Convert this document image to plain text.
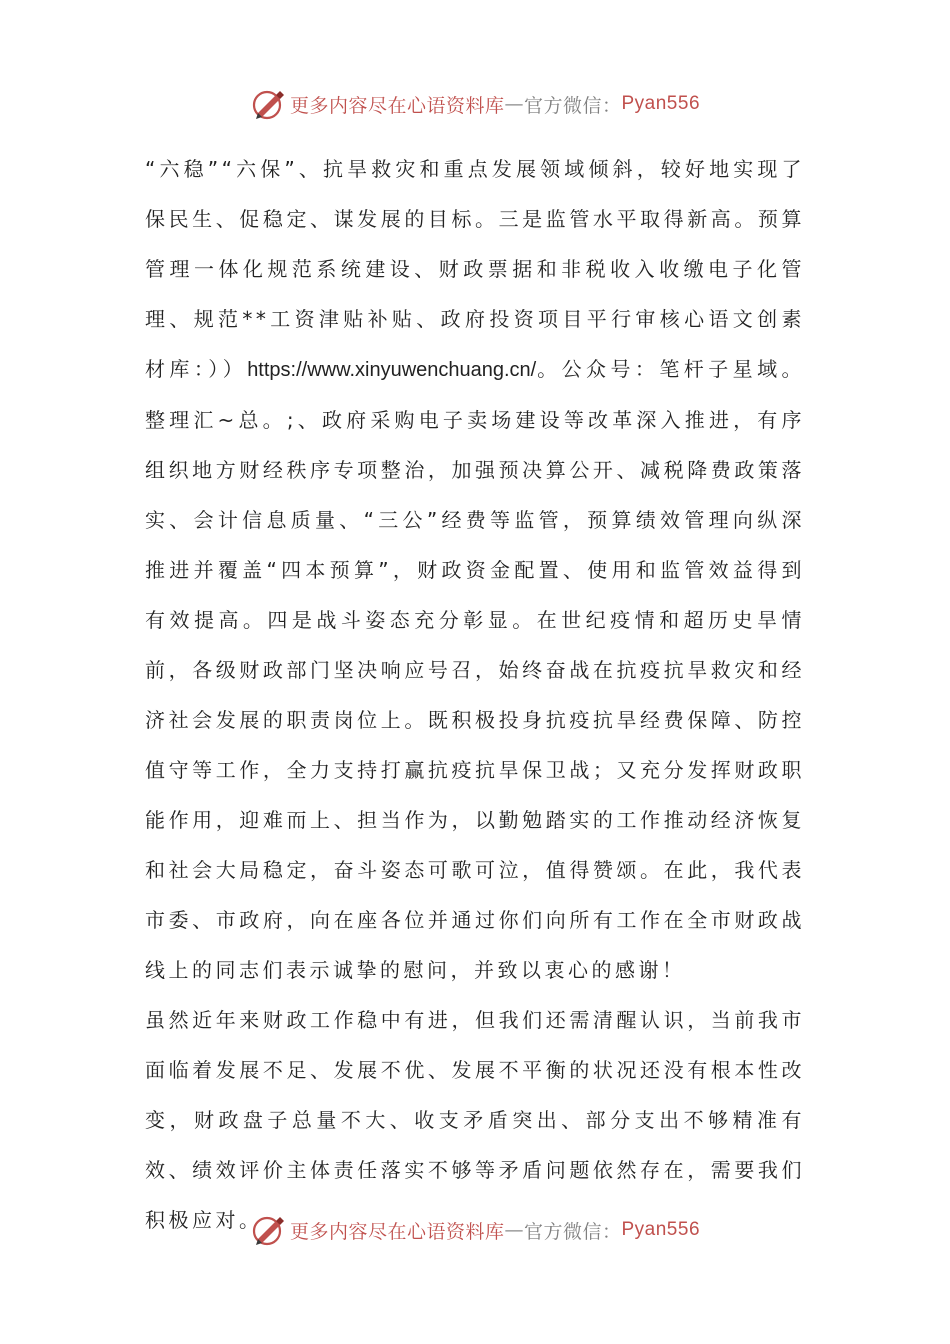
更多内容尽在心语资料库 — 官方微信： Pyan556

“六稳”“六保”、抗旱救灾和重点发展领域倾斜，较好地实现了保民生、促稳定、谋发展的目标。三是监管水平取得新高。预算管理一体化规范系统建设、财政票据和非税收入收缴电子化管理、规范**工资津贴补贴、政府投资项目平行审核心语文创素材库：））https://www.xinyuwenchuang.cn/。公众号：笔杆子星域。整理汇~总。;、政府采购电子卖场建设等改革深入推进，有序组织地方财经秩序专项整治，加强预决算公开、减税降费政策落实、会计信息质量、“三公”经费等监管，预算绩效管理向纵深推进并覆盖“四本预算”，财政资金配置、使用和监管效益得到有效提高。四是战斗姿态充分彰显。在世纪疫情和超历史旱情前，各级财政部门坚决响应号召，始终奋战在抗疫抗旱救灾和经济社会发展的职责岗位上。既积极投身抗疫抗旱经费保障、防控值守等工作，全力支持打赢抗疫抗旱保卫战；又充分发挥财政职能作用，迎难而上、担当作为，以勤勉踏实的工作推动经济恢复和社会大局稳定，奋斗姿态可歌可泣，值得赞颂。在此，我代表市委、市政府，向在座各位并通过你们向所有工作在全市财政战线上的同志们表示诚挚的慰问，并致以衷心的感谢！

虽然近年来财政工作稳中有进，但我们还需清醒认识，当前我市面临着发展不足、发展不优、发展不平衡的状况还没有根本性改变，财政盘子总量不大、收支矛盾突出、部分支出不够精准有效、绩效评价主体责任落实不够等矛盾问题依然存在，需要我们积极应对。	更多内容尽在心语资料库 — 官方微信： Pyan556
